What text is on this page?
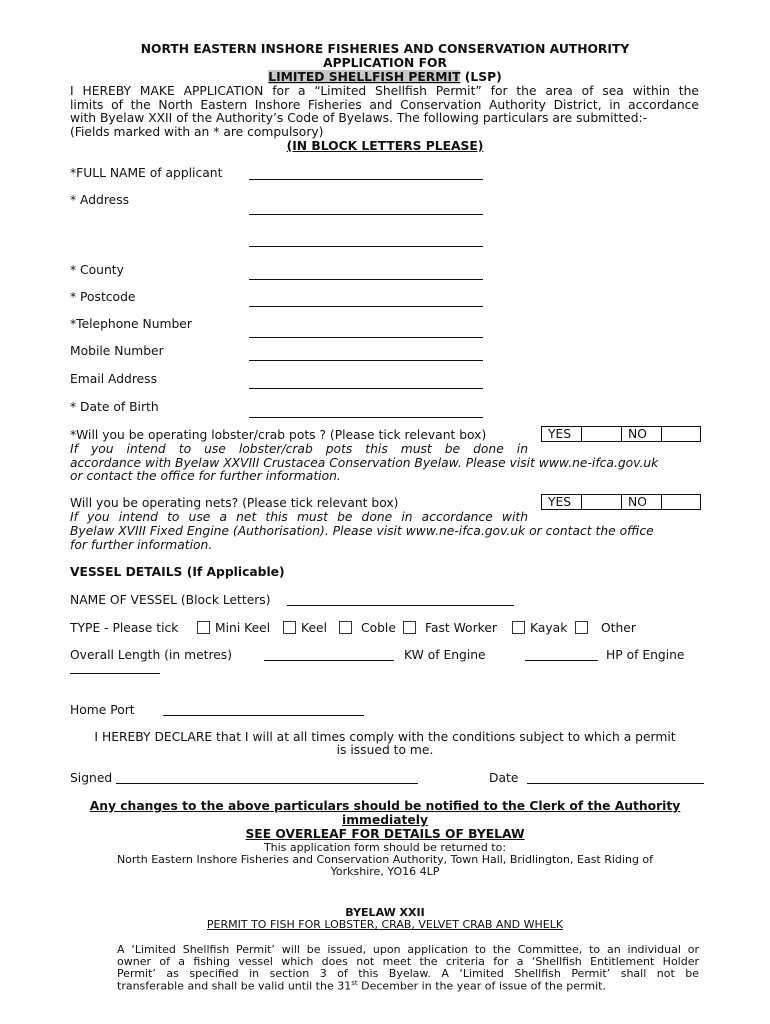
NORTH EASTERN INSHORE FISHERIES AND CONSERVATION AUTHORITY
APPLICATION FOR
LIMITED SHELLFISH PERMIT (LSP)
I HEREBY MAKE APPLICATION for a “Limited Shellfish Permit” for the area of sea within the
limits of the North Eastern Inshore Fisheries and Conservation Authority District, in accordance
with Byelaw XXII of the Authority’s Code of Byelaws. The following particulars are submitted:-
(Fields marked with an * are compulsory)
(IN BLOCK LETTERS PLEASE)
*FULL NAME of applicant
* Address
* County
* Postcode
*Telephone Number
Mobile Number
Email Address
* Date of Birth
*Will you be operating lobster/crab pots ? (Please tick relevant box)	YES	NO
If you intend to use lobster/crab pots this must be done in
accordance with Byelaw XXVIII Crustacea Conservation Byelaw. Please visit www.ne-ifca.gov.uk
or contact the office for further information.
Will you be operating nets? (Please tick relevant box)	YES	NO
If you intend to use a net this must be done in accordance with
Byelaw XVIII Fixed Engine (Authorisation). Please visit www.ne-ifca.gov.uk or contact the office
for further information.
VESSEL DETAILS (If Applicable)
NAME OF VESSEL (Block Letters)
TYPE - Please tick	Mini Keel	Keel	Coble Fast Worker	Kayak	Other
Overall Length (in metres)	KW of Engine	HP of Engine
Home Port
I HEREBY DECLARE that I will at all times comply with the conditions subject to which a permit
is issued to me.
Signed	Date
Any changes to the above particulars should be notified to the Clerk of the Authority
immediately
SEE OVERLEAF FOR DETAILS OF BYELAW
This application form should be returned to:
North Eastern Inshore Fisheries and Conservation Authority, Town Hall, Bridlington, East Riding of
Yorkshire, YO16 4LP
BYELAW XXII
PERMIT TO FISH FOR LOBSTER, CRAB, VELVET CRAB AND WHELK
A ‘Limited Shellfish Permit’ will be issued, upon application to the Committee, to an individual or
owner of a fishing vessel which does not meet the criteria for a ‘Shellfish Entitlement Holder
Permit’ as specified in section 3 of this Byelaw. A ‘Limited Shellfish Permit’ shall not be
transferable and shall be valid until the 31st December in the year of issue of the permit.
